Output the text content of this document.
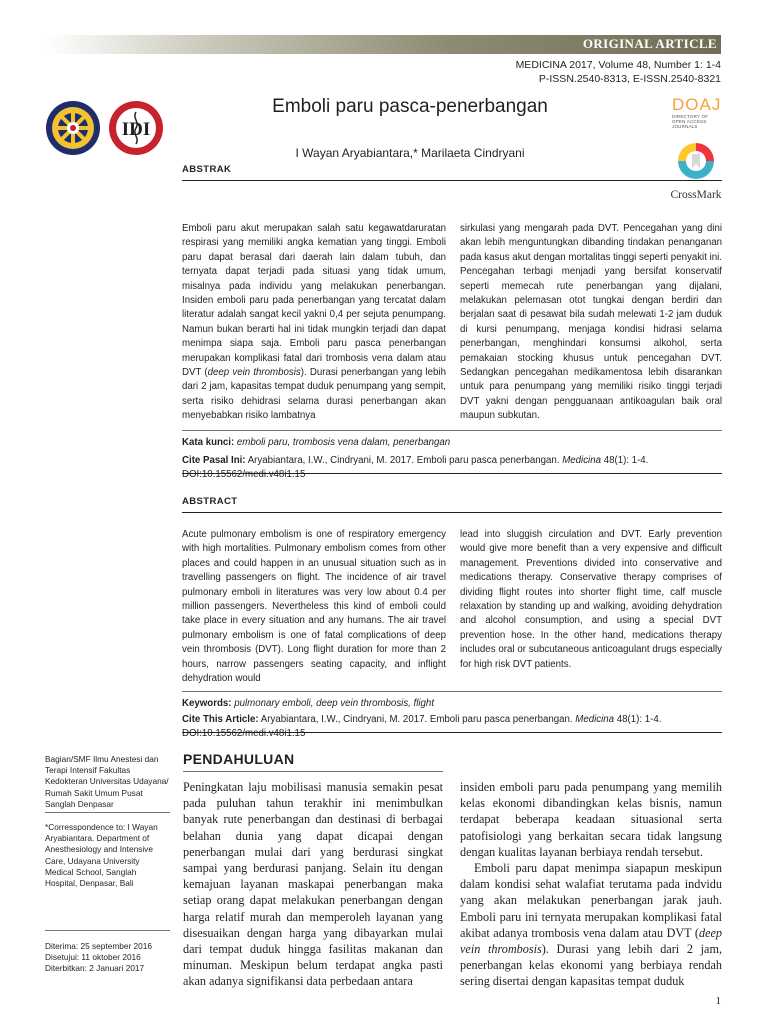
ORIGINAL ARTICLE
MEDICINA 2017, Volume 48, Number 1: 1-4
P-ISSN.2540-8313, E-ISSN.2540-8321
IDI
Emboli paru pasca-penerbangan
I Wayan Aryabiantara,* Marilaeta Cindryani
DOAJ
DIRECTORY OF
OPEN ACCESS
JOURNALS
CrossMark
ABSTRAK

Emboli paru akut merupakan salah satu kegawatdaruratan respirasi yang memiliki angka kematian yang tinggi. Emboli paru dapat berasal dari daerah lain dalam tubuh, dan ternyata dapat terjadi pada situasi yang tidak umum, misalnya pada individu yang melakukan penerbangan. Insiden emboli paru pada penerbangan yang tercatat dalam literatur adalah sangat kecil yakni 0,4 per sejuta penumpang. Namun bukan berarti hal ini tidak mungkin terjadi dan dapat menimpa siapa saja. Emboli paru pasca penerbangan merupakan komplikasi fatal dari trombosis vena dalam atau DVT (deep vein thrombosis). Durasi penerbangan yang lebih dari 2 jam, kapasitas tempat duduk penumpang yang sempit, serta risiko dehidrasi selama durasi penerbangan akan menyebabkan risiko lambatnya

sirkulasi yang mengarah pada DVT. Pencegahan yang dini akan lebih menguntungkan dibanding tindakan penanganan pada kasus akut dengan mortalitas tinggi seperti penyakit ini. Pencegahan terbagi menjadi yang bersifat konservatif seperti memecah rute penerbangan yang dijalani, melakukan pelemasan otot tungkai dengan berdiri dan berjalan saat di pesawat bila sudah melewati 1-2 jam duduk di kursi penumpang, menjaga kondisi hidrasi selama penerbangan, menghindari konsumsi alkohol, serta pemakaian stocking khusus untuk pencegahan DVT. Sedangkan pencegahan medikamentosa lebih disarankan untuk para penumpang yang memiliki risiko tinggi terjadi DVT yakni dengan pengguanaan antikoagulan baik oral maupun subkutan.

Kata kunci: emboli paru, trombosis vena dalam, penerbangan
Cite Pasal Ini: Aryabiantara, I.W., Cindryani, M. 2017. Emboli paru pasca penerbangan. Medicina 48(1): 1-4. DOI:10.15562/medi.v48i1.15
ABSTRACT

Acute pulmonary embolism is one of respiratory emergency with high mortalities. Pulmonary embolism comes from other places and could happen in an unusual situation such as in travelling passengers on flight. The incidence of air travel pulmonary emboli in literatures was very low about 0.4 per million passengers. Nevertheless this kind of emboli could take place in every situation and any humans. The air travel pulmonary embolism is one of fatal complications of deep vein thrombosis (DVT). Long flight duration for more than 2 hours, narrow passengers seating capacity, and inflight dehydration would

lead into sluggish circulation and DVT. Early prevention would give more benefit than a very expensive and difficult management. Preventions divided into conservative and medications therapy. Conservative therapy comprises of dividing flight routes into shorter flight time, calf muscle relaxation by standing up and walking, avoiding dehydration and alcohol consumption, and using a special DVT prevention hose. In the other hand, medications therapy includes oral or subcutaneous anticoagulant drugs especially for high risk DVT patients.

Keywords: pulmonary emboli, deep vein thrombosis, flight
Cite This Article: Aryabiantara, I.W., Cindryani, M. 2017. Emboli paru pasca penerbangan. Medicina 48(1): 1-4. DOI:10.15562/medi.v48i1.15
Bagian/SMF Ilmu Anestesi dan Terapi Intensif Fakultas Kedokteran Universitas Udayana/ Rumah Sakit Umum Pusat Sanglah Denpasar
*Corresspondence to: I Wayan Aryabiantara. Department of Anesthesiology and Intensive Care, Udayana University Medical School, Sanglah Hospital, Denpasar, Bali
Diterima: 25 september 2016
Disetujui: 11 oktober 2016
Diterbitkan: 2 Januari 2017
PENDAHULUAN

Peningkatan laju mobilisasi manusia semakin pesat pada puluhan tahun terakhir ini menimbulkan banyak rute penerbangan dan destinasi di berbagai belahan dunia yang dapat dicapai dengan penerbangan mulai dari yang berdurasi singkat sampai yang berdurasi panjang. Selain itu dengan kemajuan layanan maskapai penerbangan maka setiap orang dapat melakukan penerbangan dengan harga relatif murah dan memperoleh layanan yang disesuaikan dengan harga yang dibayarkan mulai dari tempat duduk hingga fasilitas makanan dan minuman. Meskipun belum terdapat angka pasti akan adanya signifikansi data perbedaan antara

insiden emboli paru pada penumpang yang memilih kelas ekonomi dibandingkan kelas bisnis, namun terdapat beberapa keadaan situasional serta patofisiologi yang berkaitan secara tidak langsung dengan kualitas layanan berbiaya rendah tersebut.

Emboli paru dapat menimpa siapapun meskipun dalam kondisi sehat walafiat terutama pada indvidu yang akan melakukan penerbangan jarak jauh. Emboli paru ini ternyata merupakan komplikasi fatal akibat adanya trombosis vena dalam atau DVT (deep vein thrombosis). Durasi yang lebih dari 2 jam, penerbangan kelas ekonomi yang berbiaya rendah sering disertai dengan kapasitas tempat duduk

1
